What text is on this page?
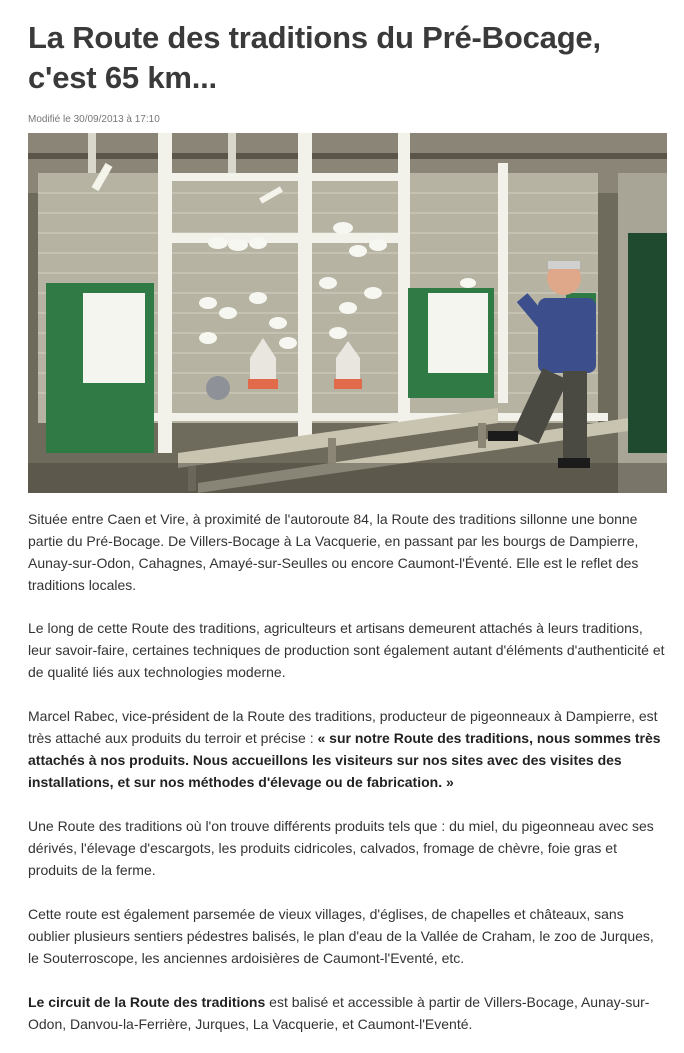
La Route des traditions du Pré-Bocage,
c'est 65 km...
Modifié le 30/09/2013 à 17:10

Située entre Caen et Vire, à proximité de l'autoroute 84, la Route des traditions sillonne une bonne partie du Pré-Bocage. De Villers-Bocage à La Vacquerie, en passant par les bourgs de Dampierre, Aunay-sur-Odon, Cahagnes, Amayé-sur-Seulles ou encore Caumont-l'Éventé. Elle est le reflet des traditions locales.

Le long de cette Route des traditions, agriculteurs et artisans demeurent attachés à leurs traditions, leur savoir-faire, certaines techniques de production sont également autant d'éléments d'authenticité et de qualité liés aux technologies moderne.

Marcel Rabec, vice-président de la Route des traditions, producteur de pigeonneaux à Dampierre, est très attaché aux produits du terroir et précise : « sur notre Route des traditions, nous sommes très attachés à nos produits. Nous accueillons les visiteurs sur nos sites avec des visites des installations, et sur nos méthodes d'élevage ou de fabrication. »

Une Route des traditions où l'on trouve différents produits tels que : du miel, du pigeonneau avec ses dérivés, l'élevage d'escargots, les produits cidricoles, calvados, fromage de chèvre, foie gras et produits de la ferme.

Cette route est également parsemée de vieux villages, d'églises, de chapelles et châteaux, sans oublier plusieurs sentiers pédestres balisés, le plan d'eau de la Vallée de Craham, le zoo de Jurques, le Souterroscope, les anciennes ardoisières de Caumont-l'Eventé, etc.

Le circuit de la Route des traditions est balisé et accessible à partir de Villers-Bocage, Aunay-sur-Odon, Danvou-la-Ferrière, Jurques, La Vacquerie, et Caumont-l'Eventé.
